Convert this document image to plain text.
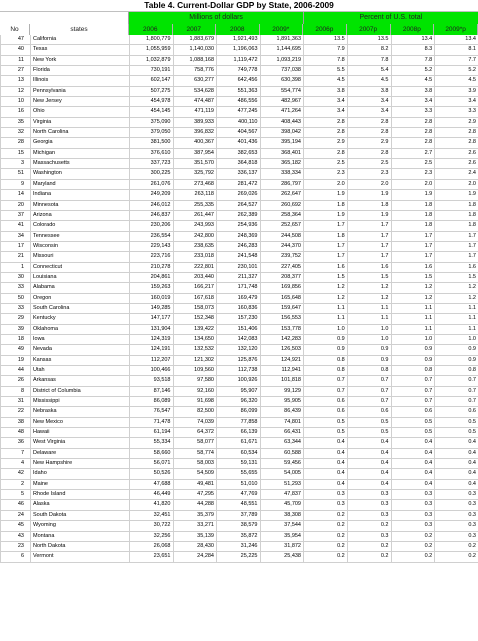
Table 4. Current-Dollar GDP by State, 2006-2009
Millions of dollars	Percent of U.S. total
No	states	2006	2007	2008	2009*	2006p	2007p	2008p	2009*p
47	California	1,800,779	1,883,679	1,921,493	1,891,363	13.5	13.5	13.4	13.4
40	Texas	1,055,959	1,140,030	1,196,063	1,144,695	7.9	8.2	8.3	8.1
11	New York	1,032,879	1,088,168	1,119,472	1,093,219	7.8	7.8	7.8	7.7
27	Florida	730,191	758,776	749,778	737,038	5.5	5.4	5.2	5.2
13	Illinois	602,147	630,277	642,456	630,398	4.5	4.5	4.5	4.5
12	Pennsylvania	507,275	534,628	551,363	554,774	3.8	3.8	3.8	3.9
10	New Jersey	454,978	474,487	486,556	482,967	3.4	3.4	3.4	3.4
16	Ohio	454,145	471,119	477,245	471,264	3.4	3.4	3.3	3.3
35	Virginia	375,090	389,933	400,110	408,443	2.8	2.8	2.8	2.9
32	North Carolina	379,050	396,832	404,567	398,042	2.8	2.8	2.8	2.8
28	Georgia	381,500	400,367	401,436	395,194	2.9	2.9	2.8	2.8
15	Michigan	376,610	387,954	382,653	368,401	2.8	2.8	2.7	2.6
3	Massachusetts	337,723	351,570	364,818	365,182	2.5	2.5	2.5	2.6
51	Washington	300,225	325,792	336,137	338,334	2.3	2.3	2.3	2.4
9	Maryland	261,076	273,468	281,472	286,797	2.0	2.0	2.0	2.0
14	Indiana	249,209	263,118	269,026	262,647	1.9	1.9	1.9	1.9
20	Minnesota	246,012	255,335	264,527	260,692	1.8	1.8	1.8	1.8
37	Arizona	246,837	261,447	262,389	258,364	1.9	1.9	1.8	1.8
41	Colorado	230,206	243,993	254,936	252,657	1.7	1.7	1.8	1.8
34	Tennessee	236,554	242,800	248,369	244,508	1.8	1.7	1.7	1.7
17	Wisconsin	229,143	238,635	246,283	244,370	1.7	1.7	1.7	1.7
21	Missouri	223,716	233,018	241,548	239,752	1.7	1.7	1.7	1.7
1	Connecticut	210,278	222,801	230,101	227,405	1.6	1.6	1.6	1.6
30	Louisiana	204,861	203,440	211,327	208,377	1.5	1.5	1.5	1.5
33	Alabama	159,263	166,217	171,748	169,856	1.2	1.2	1.2	1.2
50	Oregon	160,019	167,618	169,479	165,648	1.2	1.2	1.2	1.2
33	South Carolina	149,285	158,073	160,836	159,647	1.1	1.1	1.1	1.1
29	Kentucky	147,177	152,348	157,230	156,553	1.1	1.1	1.1	1.1
39	Oklahoma	131,904	139,422	151,406	153,778	1.0	1.0	1.1	1.1
18	Iowa	124,319	134,650	142,083	142,283	0.9	1.0	1.0	1.0
49	Nevada	124,191	132,532	132,120	126,503	0.9	0.9	0.9	0.9
19	Kansas	112,207	121,302	125,876	124,921	0.8	0.9	0.9	0.9
44	Utah	100,466	109,560	112,738	112,941	0.8	0.8	0.8	0.8
26	Arkansas	93,518	97,580	100,926	101,818	0.7	0.7	0.7	0.7
8	District of Columbia	87,146	92,160	95,907	99,129	0.7	0.7	0.7	0.7
31	Mississippi	86,089	91,698	96,320	95,905	0.6	0.7	0.7	0.7
22	Nebraska	76,547	82,500	86,099	86,439	0.6	0.6	0.6	0.6
38	New Mexico	71,478	74,039	77,858	74,801	0.5	0.5	0.5	0.5
48	Hawaii	61,194	64,372	66,139	66,431	0.5	0.5	0.5	0.5
36	West Virginia	55,334	58,077	61,671	63,344	0.4	0.4	0.4	0.4
7	Delaware	58,660	58,774	60,534	60,588	0.4	0.4	0.4	0.4
4	New Hampshire	56,071	58,003	59,131	59,456	0.4	0.4	0.4	0.4
42	Idaho	50,526	54,509	55,655	54,005	0.4	0.4	0.4	0.4
2	Maine	47,688	49,481	51,010	51,293	0.4	0.4	0.4	0.4
5	Rhode Island	46,449	47,295	47,769	47,837	0.3	0.3	0.3	0.3
46	Alaska	41,820	44,288	48,551	45,709	0.3	0.3	0.3	0.3
24	South Dakota	32,451	35,379	37,789	38,308	0.2	0.3	0.3	0.3
45	Wyoming	30,722	33,271	38,579	37,544	0.2	0.2	0.3	0.3
43	Montana	32,256	35,139	35,872	35,954	0.2	0.3	0.2	0.3
23	North Dakota	26,068	28,430	31,246	31,872	0.2	0.2	0.2	0.2
6	Vermont	23,651	24,284	25,225	25,438	0.2	0.2	0.2	0.2
